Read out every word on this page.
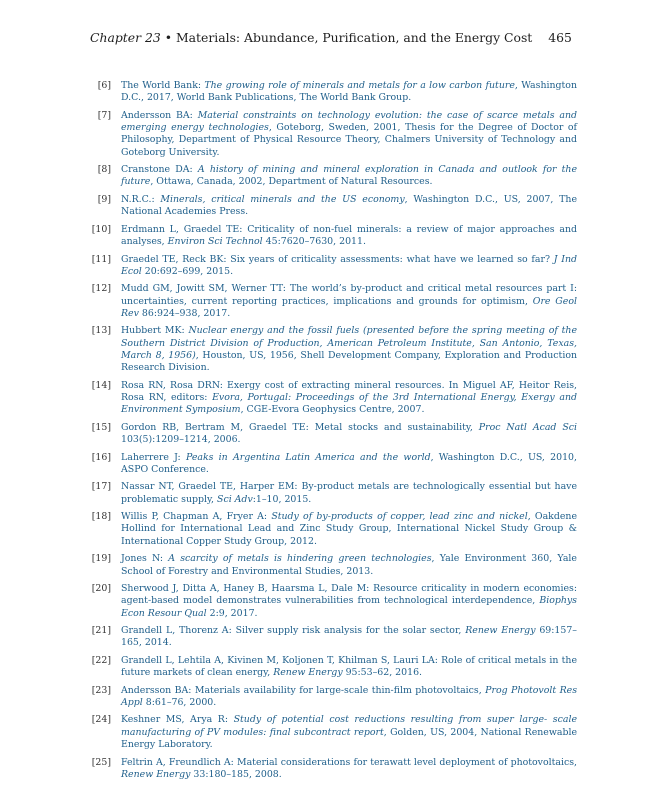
Chapter 23 • Materials: Abundance, Purification, and the Energy Cost 465
[6] The World Bank: The growing role of minerals and metals for a low carbon future, Washington D.C., 2017, World Bank Publications, The World Bank Group.
[7] Andersson BA: Material constraints on technology evolution: the case of scarce metals and emerging energy technologies, Goteborg, Sweden, 2001, Thesis for the Degree of Doctor of Philosophy, Department of Physical Resource Theory, Chalmers University of Technology and Goteborg University.
[8] Cranstone DA: A history of mining and mineral exploration in Canada and outlook for the future, Ottawa, Canada, 2002, Department of Natural Resources.
[9] N.R.C.: Minerals, critical minerals and the US economy, Washington D.C., US, 2007, The National Academies Press.
[10] Erdmann L, Graedel TE: Criticality of non-fuel minerals: a review of major approaches and analyses, Environ Sci Technol 45:7620–7630, 2011.
[11] Graedel TE, Reck BK: Six years of criticality assessments: what have we learned so far? J Ind Ecol 20:692–699, 2015.
[12] Mudd GM, Jowitt SM, Werner TT: The world’s by-product and critical metal resources part I: uncertainties, current reporting practices, implications and grounds for optimism, Ore Geol Rev 86:924–938, 2017.
[13] Hubbert MK: Nuclear energy and the fossil fuels (presented before the spring meeting of the Southern District Division of Production, American Petroleum Institute, San Antonio, Texas, March 8, 1956), Houston, US, 1956, Shell Development Company, Exploration and Production Research Division.
[14] Rosa RN, Rosa DRN: Exergy cost of extracting mineral resources. In Miguel AF, Heitor Reis, Rosa RN, editors: Evora, Portugal: Proceedings of the 3rd International Energy, Exergy and Environment Symposium, CGE-Evora Geophysics Centre, 2007.
[15] Gordon RB, Bertram M, Graedel TE: Metal stocks and sustainability, Proc Natl Acad Sci 103(5):1209–1214, 2006.
[16] Laherrere J: Peaks in Argentina Latin America and the world, Washington D.C., US, 2010, ASPO Conference.
[17] Nassar NT, Graedel TE, Harper EM: By-product metals are technologically essential but have problematic supply, Sci Adv:1–10, 2015.
[18] Willis P, Chapman A, Fryer A: Study of by-products of copper, lead zinc and nickel, Oakdene Hollind for International Lead and Zinc Study Group, International Nickel Study Group & International Copper Study Group, 2012.
[19] Jones N: A scarcity of metals is hindering green technologies, Yale Environment 360, Yale School of Forestry and Environmental Studies, 2013.
[20] Sherwood J, Ditta A, Haney B, Haarsma L, Dale M: Resource criticality in modern economies: agent-based model demonstrates vulnerabilities from technological interdependence, Biophys Econ Resour Qual 2:9, 2017.
[21] Grandell L, Thorenz A: Silver supply risk analysis for the solar sector, Renew Energy 69:157–165, 2014.
[22] Grandell L, Lehtila A, Kivinen M, Koljonen T, Khilman S, Lauri LA: Role of critical metals in the future markets of clean energy, Renew Energy 95:53–62, 2016.
[23] Andersson BA: Materials availability for large-scale thin-film photovoltaics, Prog Photovolt Res Appl 8:61–76, 2000.
[24] Keshner MS, Arya R: Study of potential cost reductions resulting from super large- scale manufacturing of PV modules: final subcontract report, Golden, US, 2004, National Renewable Energy Laboratory.
[25] Feltrin A, Freundlich A: Material considerations for terawatt level deployment of photovoltaics, Renew Energy 33:180–185, 2008.
